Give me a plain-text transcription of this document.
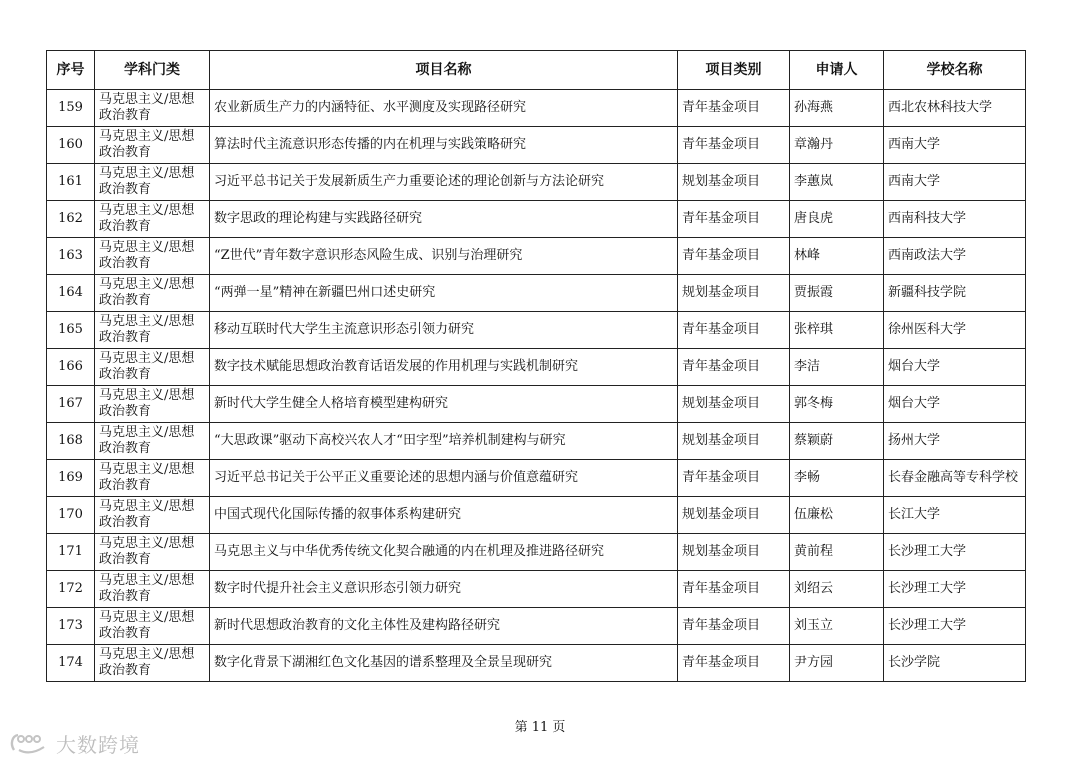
序号	学科门类	项目名称	项目类别	申请人	学校名称
159	马克思主义/思想政治教育	农业新质生产力的内涵特征、水平测度及实现路径研究	青年基金项目	孙海燕	西北农林科技大学
160	马克思主义/思想政治教育	算法时代主流意识形态传播的内在机理与实践策略研究	青年基金项目	章瀚丹	西南大学
161	马克思主义/思想政治教育	习近平总书记关于发展新质生产力重要论述的理论创新与方法论研究	规划基金项目	李蕙岚	西南大学
162	马克思主义/思想政治教育	数字思政的理论构建与实践路径研究	青年基金项目	唐良虎	西南科技大学
163	马克思主义/思想政治教育	“Z世代”青年数字意识形态风险生成、识别与治理研究	青年基金项目	林峰	西南政法大学
164	马克思主义/思想政治教育	“两弹一星”精神在新疆巴州口述史研究	规划基金项目	贾振霞	新疆科技学院
165	马克思主义/思想政治教育	移动互联时代大学生主流意识形态引领力研究	青年基金项目	张梓琪	徐州医科大学
166	马克思主义/思想政治教育	数字技术赋能思想政治教育话语发展的作用机理与实践机制研究	青年基金项目	李洁	烟台大学
167	马克思主义/思想政治教育	新时代大学生健全人格培育模型建构研究	规划基金项目	郭冬梅	烟台大学
168	马克思主义/思想政治教育	“大思政课”驱动下高校兴农人才“田字型”培养机制建构与研究	规划基金项目	蔡颖蔚	扬州大学
169	马克思主义/思想政治教育	习近平总书记关于公平正义重要论述的思想内涵与价值意蕴研究	青年基金项目	李畅	长春金融高等专科学校
170	马克思主义/思想政治教育	中国式现代化国际传播的叙事体系构建研究	规划基金项目	伍廉松	长江大学
171	马克思主义/思想政治教育	马克思主义与中华优秀传统文化契合融通的内在机理及推进路径研究	规划基金项目	黄前程	长沙理工大学
172	马克思主义/思想政治教育	数字时代提升社会主义意识形态引领力研究	青年基金项目	刘绍云	长沙理工大学
173	马克思主义/思想政治教育	新时代思想政治教育的文化主体性及建构路径研究	青年基金项目	刘玉立	长沙理工大学
174	马克思主义/思想政治教育	数字化背景下湖湘红色文化基因的谱系整理及全景呈现研究	青年基金项目	尹方园	长沙学院
第 11 页
大数跨境
